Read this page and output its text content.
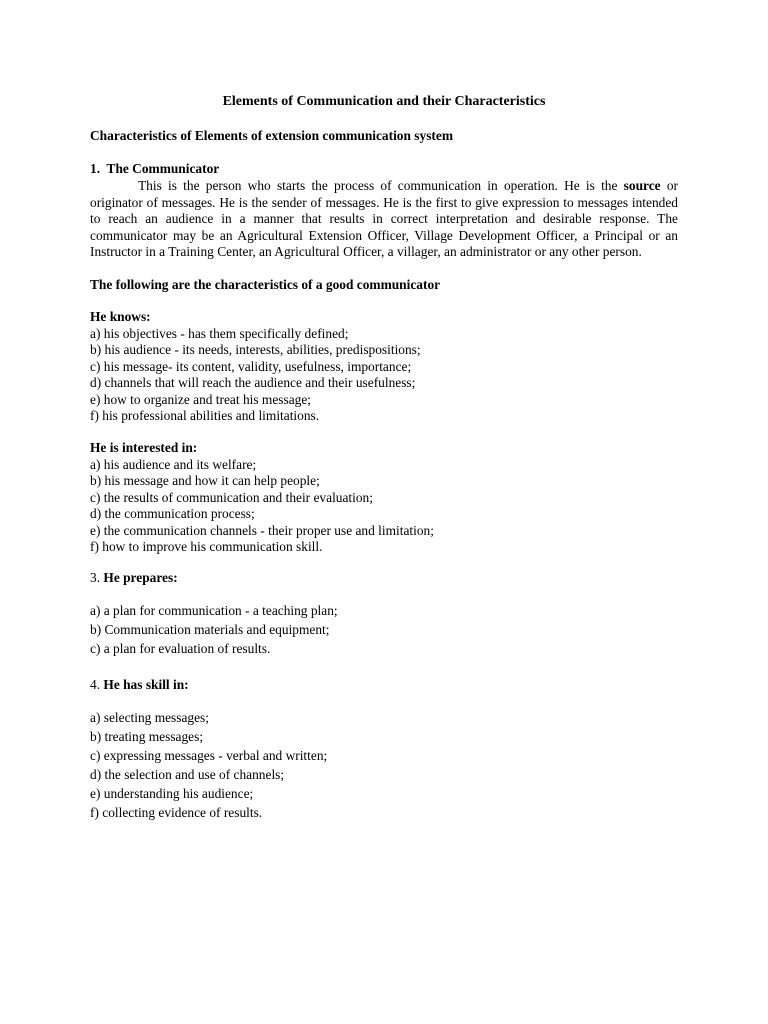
Elements of Communication and their Characteristics
Characteristics of Elements of extension communication system
1. The Communicator

This is the person who starts the process of communication in operation. He is the source or originator of messages. He is the sender of messages. He is the first to give expression to messages intended to reach an audience in a manner that results in correct interpretation and desirable response. The communicator may be an Agricultural Extension Officer, Village Development Officer, a Principal or an Instructor in a Training Center, an Agricultural Officer, a villager, an administrator or any other person.

The following are the characteristics of a good communicator
He knows:
a) his objectives - has them specifically defined;
b) his audience - its needs, interests, abilities, predispositions;
c) his message- its content, validity, usefulness, importance;
d) channels that will reach the audience and their usefulness;
e) how to organize and treat his message;
f) his professional abilities and limitations.
He is interested in:
a) his audience and its welfare;
b) his message and how it can help people;
c) the results of communication and their evaluation;
d) the communication process;
e) the communication channels - their proper use and limitation;
f) how to improve his communication skill.
3. He prepares:
a) a plan for communication - a teaching plan;
b) Communication materials and equipment;
c) a plan for evaluation of results.
4. He has skill in:
a) selecting messages;
b) treating messages;
c) expressing messages - verbal and written;
d) the selection and use of channels;
e) understanding his audience;
f) collecting evidence of results.
